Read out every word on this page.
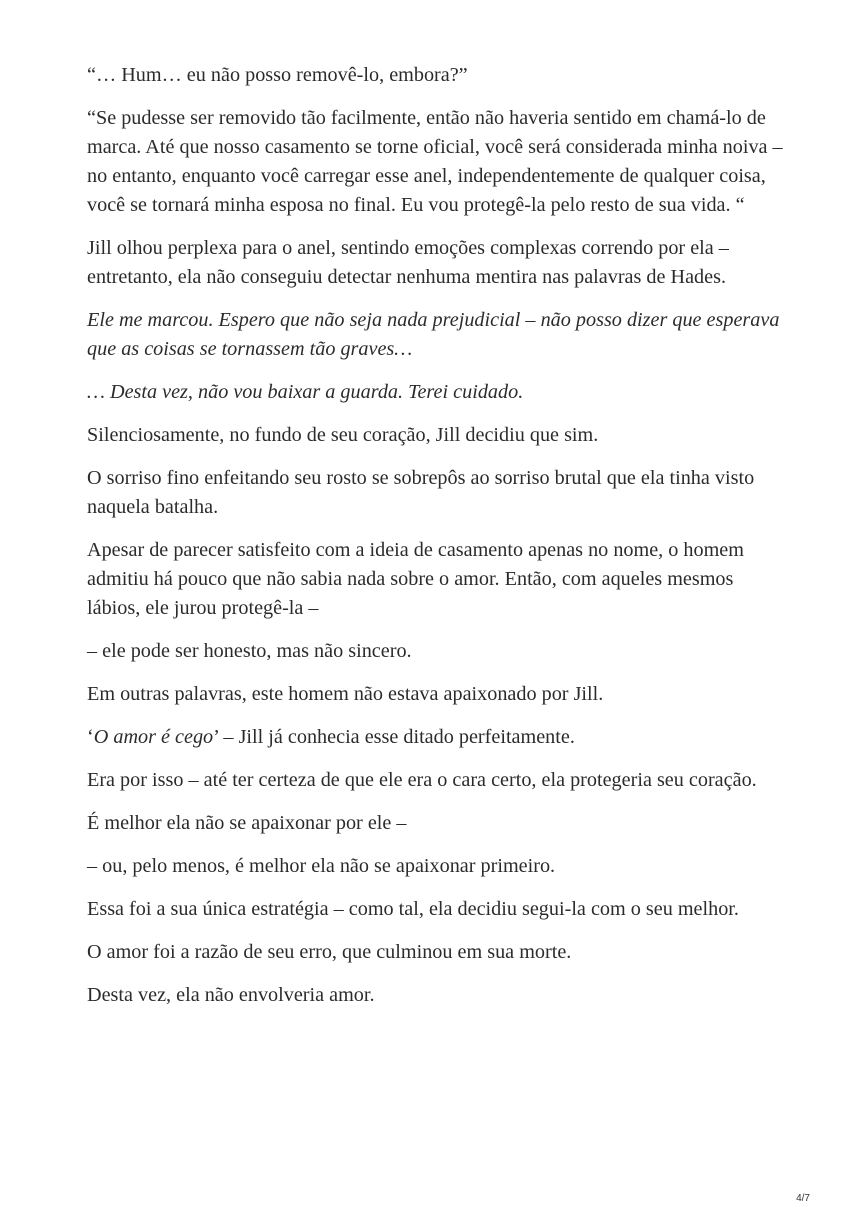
“… Hum… eu não posso removê-lo, embora?”

“Se pudesse ser removido tão facilmente, então não haveria sentido em chamá-lo de marca. Até que nosso casamento se torne oficial, você será considerada minha noiva – no entanto, enquanto você carregar esse anel, independentemente de qualquer coisa, você se tornará minha esposa no final. Eu vou protegê-la pelo resto de sua vida. “

Jill olhou perplexa para o anel, sentindo emoções complexas correndo por ela – entretanto, ela não conseguiu detectar nenhuma mentira nas palavras de Hades.

Ele me marcou. Espero que não seja nada prejudicial – não posso dizer que esperava que as coisas se tornassem tão graves…

… Desta vez, não vou baixar a guarda. Terei cuidado.

Silenciosamente, no fundo de seu coração, Jill decidiu que sim.

O sorriso fino enfeitando seu rosto se sobrepôs ao sorriso brutal que ela tinha visto naquela batalha.

Apesar de parecer satisfeito com a ideia de casamento apenas no nome, o homem admitiu há pouco que não sabia nada sobre o amor. Então, com aqueles mesmos lábios, ele jurou protegê-la –

– ele pode ser honesto, mas não sincero.

Em outras palavras, este homem não estava apaixonado por Jill.

‘O amor é cego’ – Jill já conhecia esse ditado perfeitamente.

Era por isso – até ter certeza de que ele era o cara certo, ela protegeria seu coração.

É melhor ela não se apaixonar por ele –

– ou, pelo menos, é melhor ela não se apaixonar primeiro.

Essa foi a sua única estratégia – como tal, ela decidiu segui-la com o seu melhor.

O amor foi a razão de seu erro, que culminou em sua morte.

Desta vez, ela não envolveria amor.

4/7
